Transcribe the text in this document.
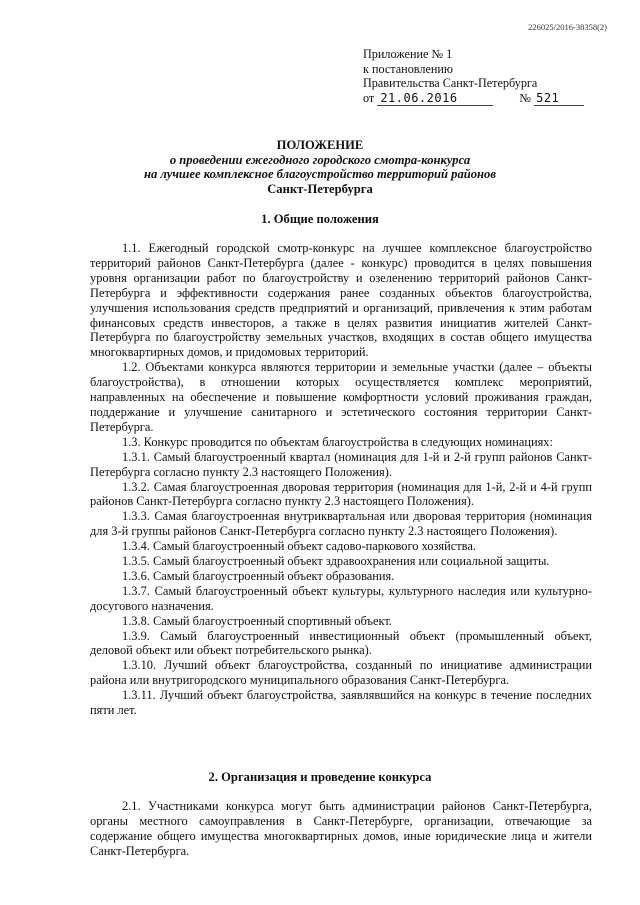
226025/2016-38358(2)
Приложение № 1
к постановлению
Правительства Санкт-Петербурга
от 21.06.2016	№ 521
ПОЛОЖЕНИЕ
о проведении ежегодного городского смотра-конкурса
на лучшее комплексное благоустройство территорий районов
Санкт-Петербурга
1. Общие положения

1.1. Ежегодный городской смотр-конкурс на лучшее комплексное благоустройство территорий районов Санкт-Петербурга (далее - конкурс) проводится в целях повышения уровня организации работ по благоустройству и озеленению территорий районов Санкт-Петербурга и эффективности содержания ранее созданных объектов благоустройства, улучшения использования средств предприятий и организаций, привлечения к этим работам финансовых средств инвесторов, а также в целях развития инициатив жителей Санкт-Петербурга по благоустройству земельных участков, входящих в состав общего имущества многоквартирных домов, и придомовых территорий.

1.2. Объектами конкурса являются территории и земельные участки (далее – объекты благоустройства), в отношении которых осуществляется комплекс мероприятий, направленных на обеспечение и повышение комфортности условий проживания граждан, поддержание и улучшение санитарного и эстетического состояния территории Санкт-Петербурга.

1.3. Конкурс проводится по объектам благоустройства в следующих номинациях:

1.3.1. Самый благоустроенный квартал (номинация для 1-й и 2-й групп районов Санкт-Петербурга согласно пункту 2.3 настоящего Положения).

1.3.2. Самая благоустроенная дворовая территория (номинация для 1-й, 2-й и 4-й групп районов Санкт-Петербурга согласно пункту 2.3 настоящего Положения).

1.3.3. Самая благоустроенная внутриквартальная или дворовая территория (номинация для 3-й группы районов Санкт-Петербурга согласно пункту 2.3 настоящего Положения).

1.3.4. Самый благоустроенный объект садово-паркового хозяйства.

1.3.5. Самый благоустроенный объект здравоохранения или социальной защиты.

1.3.6. Самый благоустроенный объект образования.

1.3.7. Самый благоустроенный объект культуры, культурного наследия или культурно-досугового назначения.

1.3.8. Самый благоустроенный спортивный объект.

1.3.9. Самый благоустроенный инвестиционный объект (промышленный объект, деловой объект или объект потребительского рынка).

1.3.10. Лучший объект благоустройства, созданный по инициативе администрации района или внутригородского муниципального образования Санкт-Петербурга.

1.3.11. Лучший объект благоустройства, заявлявшийся на конкурс в течение последних пяти лет.

2. Организация и проведение конкурса

2.1. Участниками конкурса могут быть администрации районов Санкт-Петербурга, органы местного самоуправления в Санкт-Петербурге, организации, отвечающие за содержание общего имущества многоквартирных домов, иные юридические лица и жители Санкт-Петербурга.
